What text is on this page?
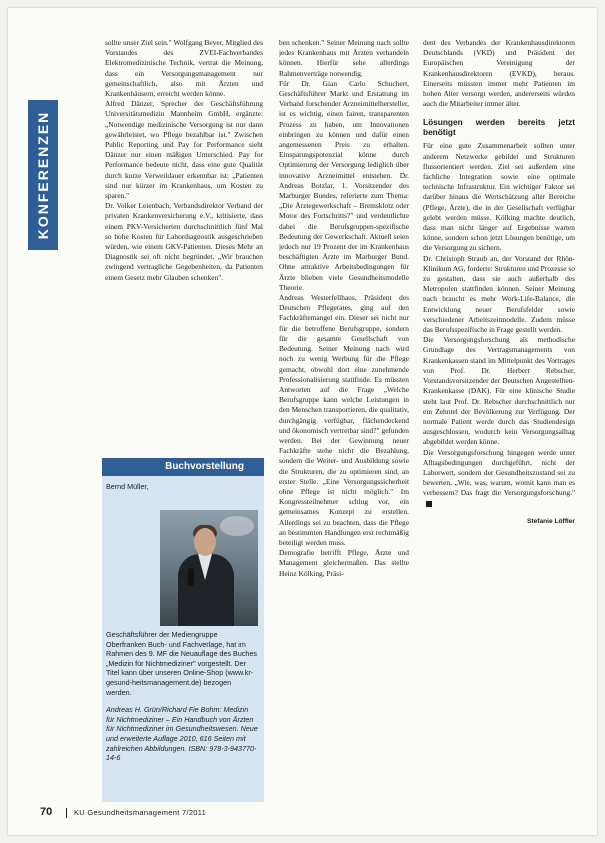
KONFERENZEN

sollte unser Ziel sein." Wolfgang Beyer, Mitglied des Vorstandes des ZVEI-Fachverbandes Elektromedizinische Technik, vertrat die Meinung, dass ein Versorgungsmanagement nur gemeinschaftlich, also mit Ärzten und Krankenhäusern, erreicht werden könne.

Alfred Dänzer, Sprecher der Geschäftsführung Universitätsmedizin Mannheim GmbH, ergänzte: „Notwendige medizinische Versorgung ist nur dann gewährleistet, wo Pflege bezahlbar ist." Zwischen Public Reporting und Pay for Performance sieht Dänzer nur einen mäßigen Unterschied. Pay for Performance bedeute nicht, dass eine gute Qualität durch kurze Verweildauer erkennbar ist: „Patienten sind nur kürzer im Krankenhaus, um Kosten zu sparen."

Dr. Volker Leienbach, Verbandsdirektor Verband der privaten Krankenversicherung e.V., kritisierte, dass einem PKV-Versicherten durchschnittlich fünf Mal so hohe Kosten für Labordiagnostik ausgeschrieben würden, wie einem GKV-Patienten. Dieses Mehr an Diagnostik sei oft nicht begründet. „Wir brauchen zwingend vertragliche Gegebenheiten, da Patienten einem Gesetz mehr Glauben schenken".

Buchvorstellung

Bernd Müller, Geschäftsführer der Mediengruppe Oberfranken Buch- und Fachverlage, hat im Rahmen des 9. MF die Neuauflage des Buches „Medizin für Nichtmediziner" vorgestellt. Der Titel kann über unseren Online-Shop (www.kr-gesund-heitsmanagement.de) bezogen werden.

Andreas H. Grün/Richard Fie Bohm: Medizin für Nichtmediziner – Ein Handbuch von Ärzten für Nichtmediziner im Gesundheitswesen. Neue und erweiterte Auflage 2010, 616 Seiten mit zahlreichen Abbildungen. ISBN: 978-3-943770-14-6

ben schenken." Seiner Meinung nach sollte jedes Krankenhaus mit Ärzten verhandeln können. Hierfür sehe allerdings Rahmenverträge notwendig.

Für Dr. Gian Carlo Schuchert, Geschäftsführer Markt und Erstattung im Verband forschender Arzneimittelhersteller, ist es wichtig, einen fairen, transparenten Prozess zu haben, um Innovationen einbringen zu können und dafür einen angemessenen Preis zu erhalten. Einsparungspotenzial könne durch Optimierung der Versorgung lediglich über innovative Arzneimittel entstehen. Dr. Andreas Botzlar, 1. Vorsitzender des Marburger Bundes, referierte zum Thema: „Die Ärztegewerkschaft – Bremsklotz oder Motor des Fortschritts?" und verdeutlichte dabei die Berufsgruppen-spezifische Bedeutung der Gewerkschaft. Aktuell seien jedoch nur 19 Prozent der im Krankenhaus beschäftigten Ärzte im Marburger Bund. Ohne attraktive Arbeitsbedingungen für Ärzte blieben viele Gesundheitsmodelle Theorie.

Andreas Westerfellhaus, Präsident des Deutschen Pflegerates, ging auf den Fachkräftemangel ein. Dieser sei nicht nur für die betroffene Berufsgruppe, sondern für die gesamte Gesellschaft von Bedeutung. Seiner Meinung nach wird noch zu wenig Werbung für die Pflege gemacht, obwohl dort eine zunehmende Professionalisierung stattfinde. Es müssten Antworten auf die Frage „Welche Berufsgruppe kann welche Leistungen in den Menschen transportieren, die qualitativ, durchgängig verfügbar, flächendeckend und ökonomisch vertretbar sind?" gefunden werden. Bei der Gewinnung neuer Fachkräfte stehe nicht die Bezahlung, sondern die Weiter- und Ausbildung sowie die Strukturen, die zu optimieren sind, an erster Stelle. „Eine Versorgungssicherheit ohne Pflege ist nicht möglich." Im Kongressteilnehmer schlug vor, ein gemeinsames Konzept zu erstellen. Allerdings sei zu beachten, dass die Pflege an bestimmten Handlungen erst rechtmäßig beteiligt werden muss.

Demografie betrifft Pflege, Ärzte und Management gleichermaßen. Das stellte Heinz Kölking, Präsi-

dent des Verbandes der Krankenhausdirektoren Deutschlands (VKD) und Präsident der Europäischen Vereinigung der Krankenhausdirektoren (EVKD), heraus. Einerseits müssten immer mehr Patienten im hohen Alter versorgt werden, andererseits würden auch die Mitarbeiter immer älter.

Lösungen werden bereits jetzt benötigt

Für eine gute Zusammenarbeit sollten unter anderem Netzwerke gebildet und Strukturen flussorientiert werden. Ziel sei außerdem eine fachliche Integration sowie eine optimale technische Infrastruktur. Ein wichtiger Faktor sei darüber hinaus die Wertschätzung aller Bereiche (Pflege, Ärzte), die in der Gesellschaft verfügbar gelebt werden müsse. Kölking machte deutlich, dass man nicht länger auf Ergebnisse warten könne, sondern schon jetzt Lösungen benötige, um die Versorgung zu sichern.

Dr. Christoph Straub an, der Vorstand der Rhön-Klinikum AG, forderte: Strukturen und Prozesse so zu gestalten, dass sie auch außerhalb des Metropolen stattfinden können. Seiner Meinung nach braucht es mehr Work-Life-Balance, die Entwicklung neuer Berufsfelder sowie verschiedener Arbeitszeitmodelle. Zudem müsse das Berufsspezifische in Frage gestellt werden.

Die Versorgungsforschung als methodische Grundlage des Vertragsmanagements von Krankenkassen stand im Mittelpunkt des Vortrages von Prof. Dr. Herbert Rebscher, Vorstandsvorsitzender der Deutschen Angestellten-Krankenkasse (DAK). Für eine klinische Studie steht laut Prof. Dr. Rebscher durchschnittlich nur ein Zehntel der Bevölkerung zur Verfügung. Der normale Patient werde durch das Studiendesign ausgeschlossen, wodurch kein Versorgungsalltag abgebildet werden könne.

Die Versorgungsforschung hingegen werde unter Alltagsbedingungen durchgeführt, nicht der Laborwert, sondern der Gesundheitszustand sei zu bewerten. „Wie, was, warum, womit kann man es verbessern? Das fragt die Versorgungsforschung."

Stefanie Löffler
70	KU Gesundheitsmanagement 7/2011
